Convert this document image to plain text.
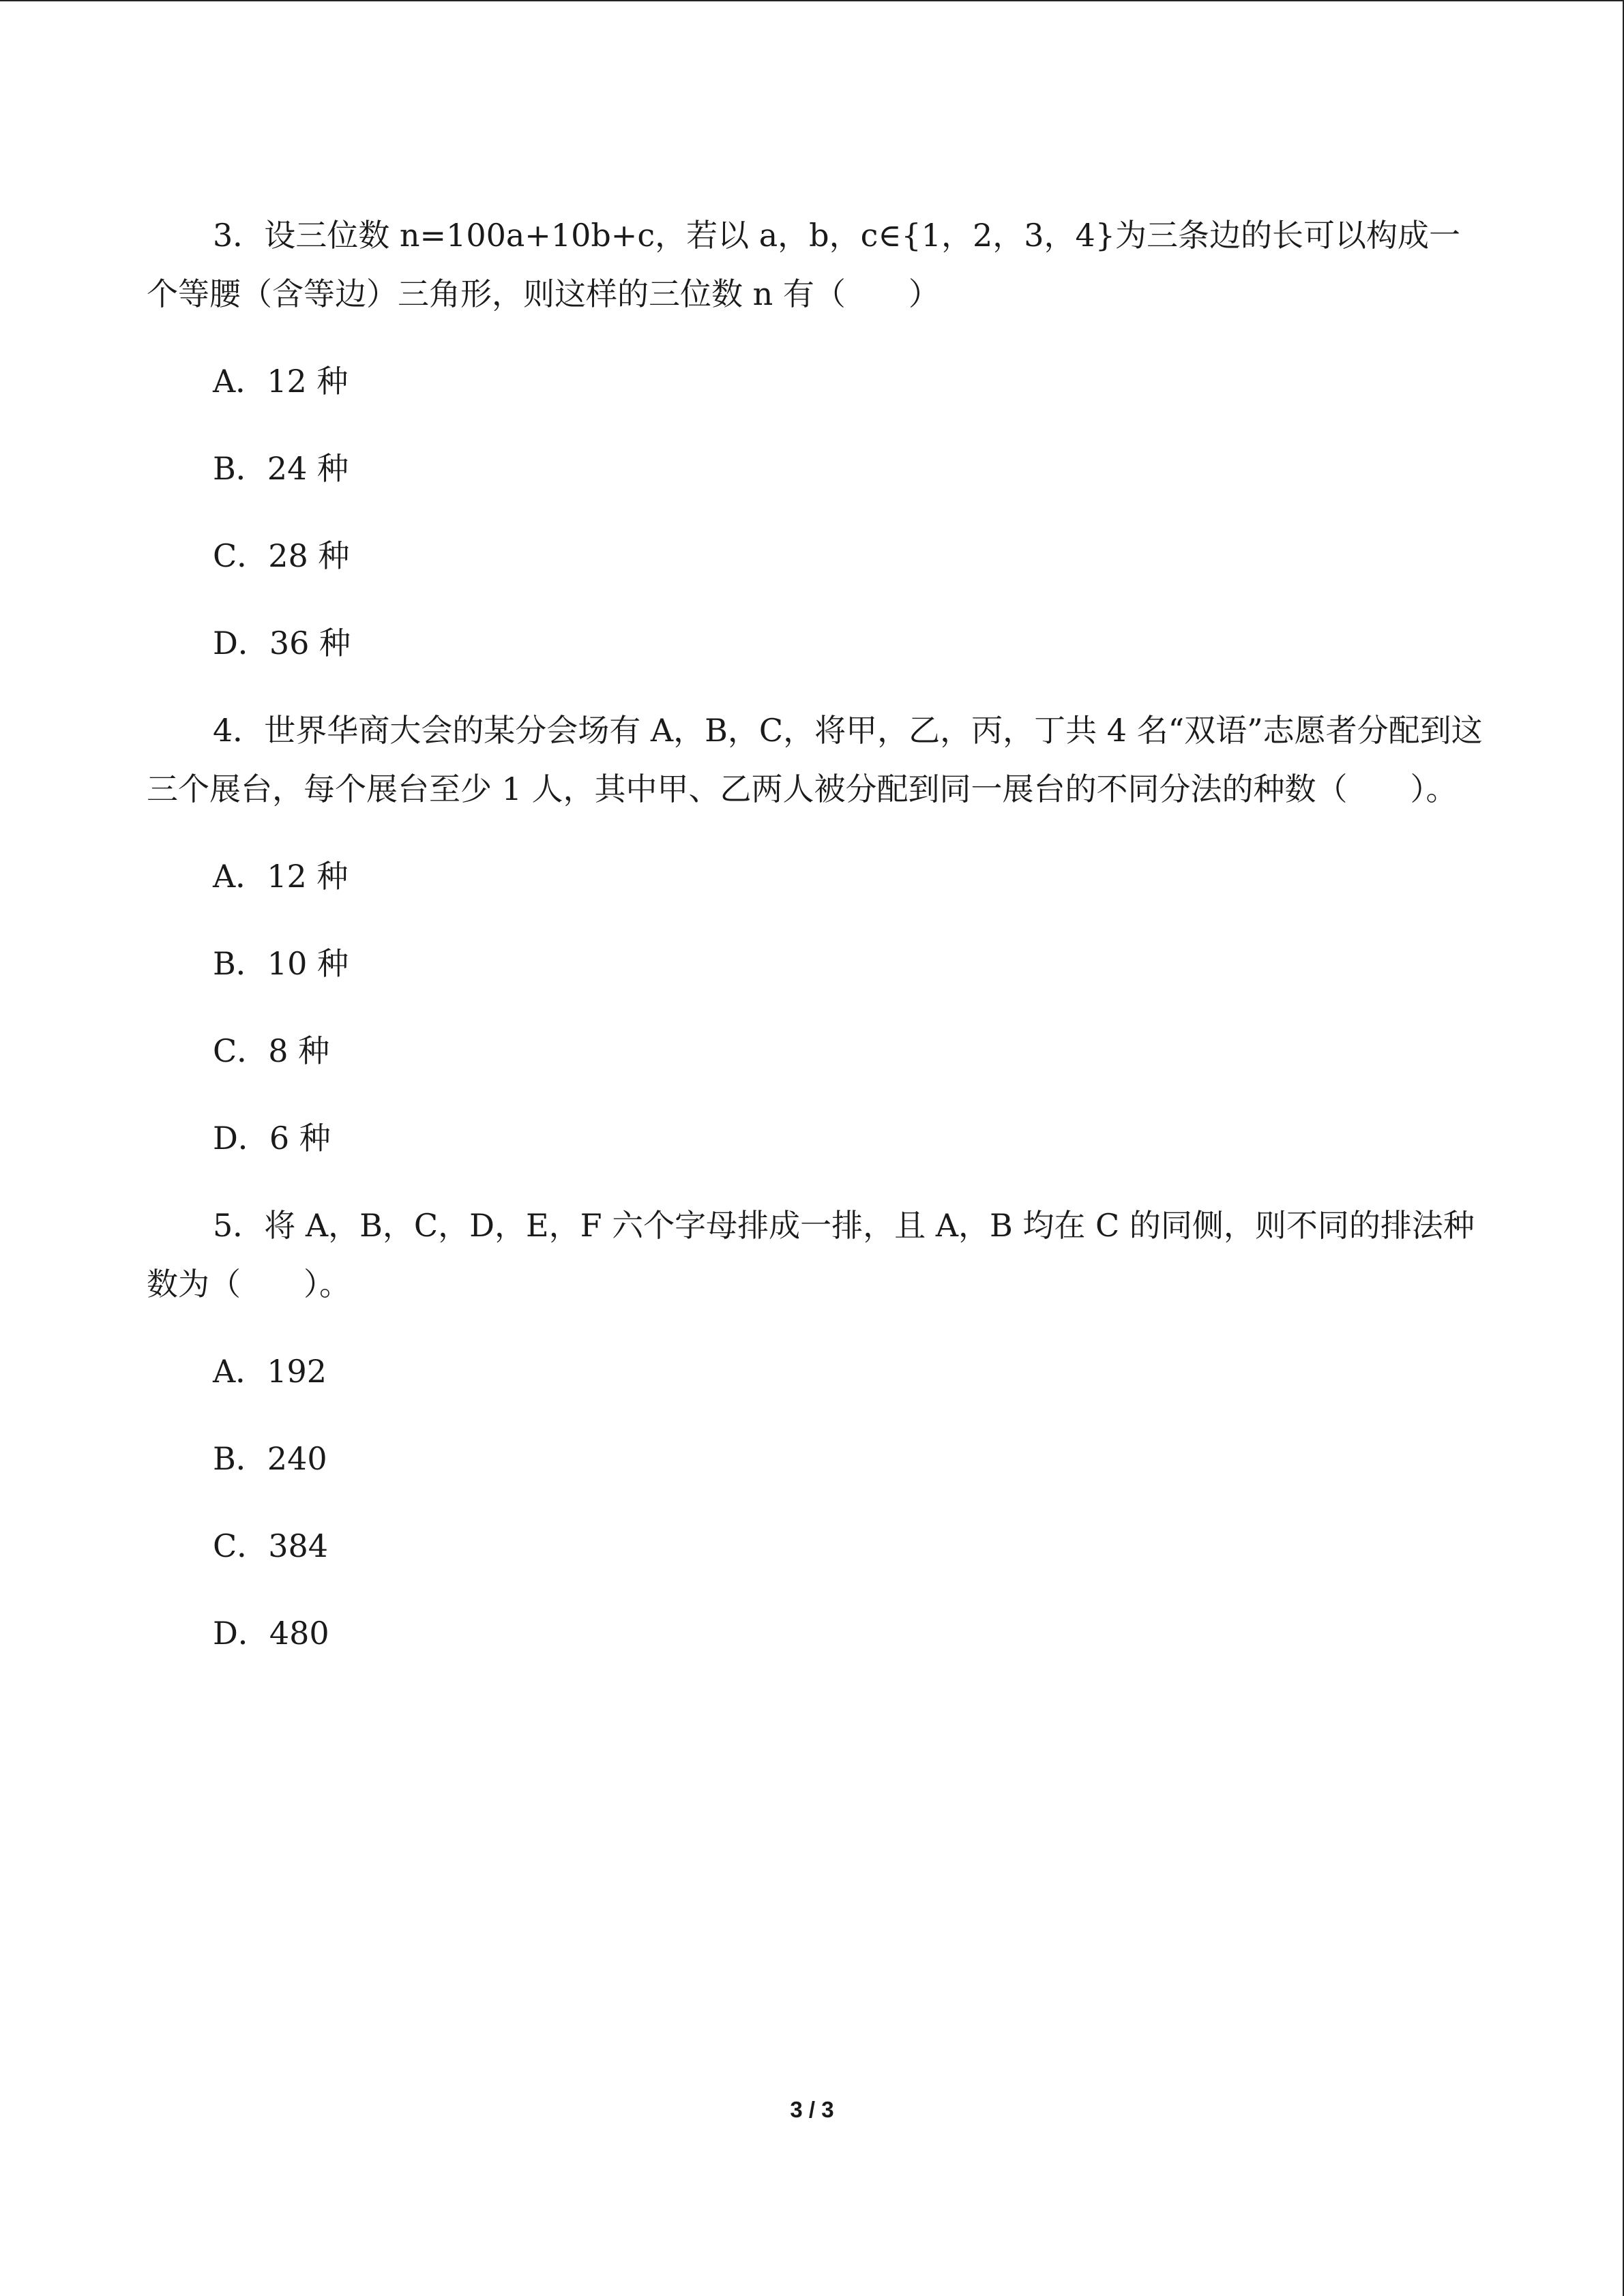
3．设三位数 n=100a+10b+c，若以 a，b，c∈{1，2，3，4}为三条边的长可以构成一个等腰（含等边）三角形，则这样的三位数 n 有（　　）

A．12 种
B．24 种
C．28 种
D．36 种

4．世界华商大会的某分会场有 A，B，C，将甲，乙，丙，丁共 4 名“双语”志愿者分配到这三个展台，每个展台至少 1 人，其中甲、乙两人被分配到同一展台的不同分法的种数（　　）。

A．12 种
B．10 种
C．8 种
D．6 种

5．将 A，B，C，D，E，F 六个字母排成一排，且 A，B 均在 C 的同侧，则不同的排法种数为（　　）。

A．192
B．240
C．384
D．480
3 / 3
